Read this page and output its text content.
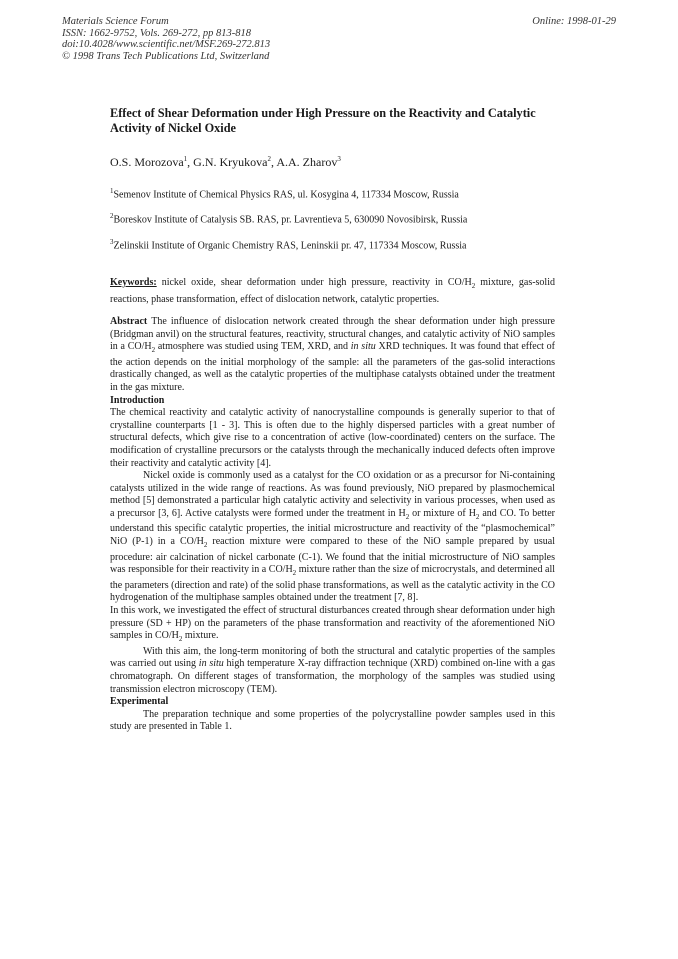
Materials Science Forum
ISSN: 1662-9752, Vols. 269-272, pp 813-818
doi:10.4028/www.scientific.net/MSF.269-272.813
© 1998 Trans Tech Publications Ltd, Switzerland
Online: 1998-01-29
Effect of Shear Deformation under High Pressure on the Reactivity and Catalytic Activity of Nickel Oxide
O.S. Morozova$^1$, G.N. Kryukova$^2$, A.A. Zharov$^3$
$^1$Semenov Institute of Chemical Physics RAS, ul. Kosygina 4, 117334 Moscow, Russia
$^2$Boreskov Institute of Catalysis SB. RAS, pr. Lavrentieva 5, 630090 Novosibirsk, Russia
$^3$Zelinskii Institute of Organic Chemistry RAS, Leninskii pr. 47, 117334 Moscow, Russia

Keywords: nickel oxide, shear deformation under high pressure, reactivity in $CO/H_2$ mixture, gas-solid reactions, phase transformation, effect of dislocation network, catalytic properties.

Abstract The influence of dislocation network created through the shear deformation under high pressure (Bridgman anvil) on the structural features, reactivity, structural changes, and catalytic activity of NiO samples in a $CO/H_2$ atmosphere was studied using TEM, XRD, and in situ XRD techniques. It was found that effect of the action depends on the initial morphology of the sample: all the parameters of the gas-solid interactions drastically changed, as well as the catalytic properties of the multiphase catalysts obtained under the treatment in the gas mixture.

Introduction

The chemical reactivity and catalytic activity of nanocrystalline compounds is generally superior to that of crystalline counterparts [1 - 3]. This is often due to the highly dispersed particles with a great number of structural defects, which give rise to a concentration of active (low-coordinated) centers on the surface. The modification of crystalline precursors or the catalysts through the mechanically induced defects often improve their reactivity and catalytic activity [4].

Nickel oxide is commonly used as a catalyst for the CO oxidation or as a precursor for Ni-containing catalysts utilized in the wide range of reactions. As was found previously, NiO prepared by plasmochemical method [5] demonstrated a particular high catalytic activity and selectivity in various processes, when used as a precursor [3, 6]. Active catalysts were formed under the treatment in $H_2$ or mixture of $H_2$ and CO. To better understand this specific catalytic properties, the initial microstructure and reactivity of the “plasmochemical” NiO (P-1) in a $CO/H_2$ reaction mixture were compared to these of the NiO sample prepared by usual procedure: air calcination of nickel carbonate (C-1). We found that the initial microstructure of NiO samples was responsible for their reactivity in a $CO/H_2$ mixture rather than the size of microcrystals, and determined all the parameters (direction and rate) of the solid phase transformations, as well as the catalytic activity in the CO hydrogenation of the multiphase samples obtained under the treatment [7, 8].

In this work, we investigated the effect of structural disturbances created through shear deformation under high pressure (SD + HP) on the parameters of the phase transformation and reactivity of the aforementioned NiO samples in $CO/H_2$ mixture.

With this aim, the long-term monitoring of both the structural and catalytic properties of the samples was carried out using in situ high temperature X-ray diffraction technique (XRD) combined on-line with a gas chromatograph. On different stages of transformation, the morphology of the samples was studied using transmission electron microscopy (TEM).

Experimental

The preparation technique and some properties of the polycrystalline powder samples used in this study are presented in Table 1.
